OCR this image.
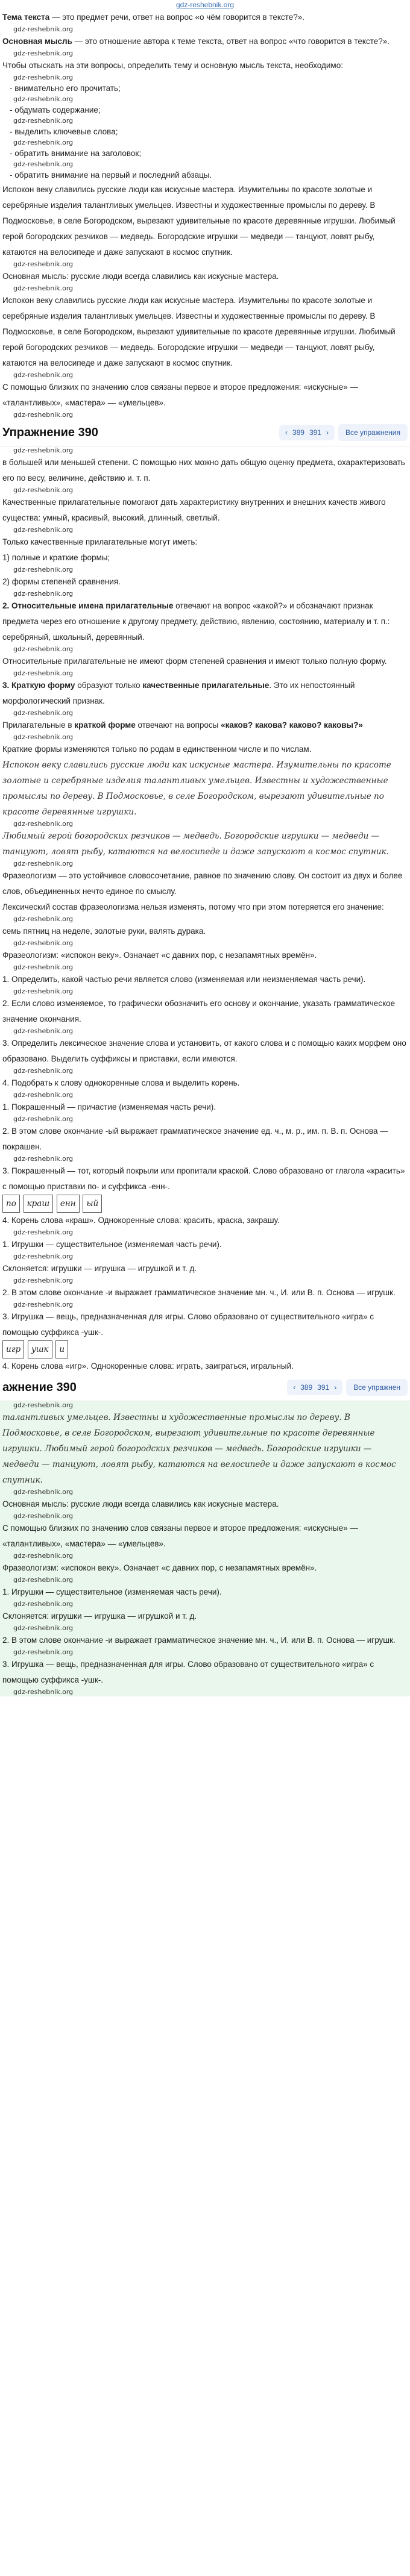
gdz-reshebnik.org

Тема текста — это предмет речи, ответ на вопрос «о чём говорится в тексте?».

gdz-reshebnik.org

Основная мысль — это отношение автора к теме текста, ответ на вопрос «что говорится в тексте?».

gdz-reshebnik.org

Чтобы отыскать на эти вопросы, определить тему и основную мысль текста, необходимо:

gdz-reshebnik.org
- внимательно его прочитать;
gdz-reshebnik.org
- обдумать содержание;
gdz-reshebnik.org
- выделить ключевые слова;
gdz-reshebnik.org
- обратить внимание на заголовок;
gdz-reshebnik.org
- обратить внимание на первый и последний абзацы.

Испокон веку славились русские люди как искусные мастера. Изумительны по красоте золотые и серебряные изделия талантливых умельцев. Известны и художественные промыслы по дереву. В Подмосковье, в селе Богородском, вырезают удивительные по красоте деревянные игрушки. Любимый герой богородских резчиков — медведь. Богородские игрушки — медведи — танцуют, ловят рыбу, катаются на велосипеде и даже запускают в космос спутник.

gdz-reshebnik.org

Основная мысль: русские люди всегда славились как искусные мастера.

gdz-reshebnik.org

Испокон веку славились русские люди как искусные мастера. Изумительны по красоте золотые и серебряные изделия талантливых умельцев. Известны и художественные промыслы по дереву. В Подмосковье, в селе Богородском, вырезают удивительные по красоте деревянные игрушки. Любимый герой богородских резчиков — медведь. Богородские игрушки — медведи — танцуют, ловят рыбу, катаются на велосипеде и даже запускают в космос спутник.

gdz-reshebnik.org

С помощью близких по значению слов связаны первое и второе предложения: «искусные» — «талантливых», «мастера» — «умельцев».

gdz-reshebnik.org
Упражнение 390	‹ 389 391 ›	Все упражнения
gdz-reshebnik.org

в большей или меньшей степени. С помощью них можно дать общую оценку предмета, охарактеризовать его по весу, величине, действию и. т. п.

gdz-reshebnik.org

Качественные прилагательные помогают дать характеристику внутренних и внешних качеств живого существа: умный, красивый, высокий, длинный, светлый.

gdz-reshebnik.org

Только качественные прилагательные могут иметь:

1) полные и краткие формы;

gdz-reshebnik.org

2) формы степеней сравнения.

gdz-reshebnik.org

2. Относительные имена прилагательные отвечают на вопрос «какой?» и обозначают признак предмета через его отношение к другому предмету, действию, явлению, состоянию, материалу и т. п.: серебряный, школьный, деревянный.

gdz-reshebnik.org

Относительные прилагательные не имеют форм степеней сравнения и имеют только полную форму.

gdz-reshebnik.org

3. Краткую форму образуют только качественные прилагательные. Это их непостоянный морфологический признак.

gdz-reshebnik.org

Прилагательные в краткой форме отвечают на вопросы «каков? какова? каково? каковы?»

gdz-reshebnik.org

Краткие формы изменяются только по родам в единственном числе и по числам.

Испокон веку славились русские люди как искусные мастера. Изумительны по красоте золотые и серебряные изделия талантливых умельцев. Известны и художественные промыслы по дереву. В Подмосковье, в селе Богородском, вырезают удивительные по красоте деревянные игрушки.

gdz-reshebnik.org

Любимый герой богородских резчиков — медведь. Богородские игрушки — медведи — танцуют, ловят рыбу, катаются на велосипеде и даже запускают в космос спутник.

gdz-reshebnik.org

Фразеологизм — это устойчивое словосочетание, равное по значению слову. Он состоит из двух и более слов, объединенных нечто единое по смыслу.

Лексический состав фразеологизма нельзя изменять, потому что при этом потеряется его значение:

gdz-reshebnik.org

семь пятниц на неделе, золотые руки, валять дурака.

gdz-reshebnik.org

Фразеологизм: «испокон веку». Означает «с давних пор, с незапамятных времён».

gdz-reshebnik.org

1. Определить, какой частью речи является слово (изменяемая или неизменяемая часть речи).

gdz-reshebnik.org

2. Если слово изменяемое, то графически обозначить его основу и окончание, указать грамматическое значение окончания.

gdz-reshebnik.org

3. Определить лексическое значение слова и установить, от какого слова и с помощью каких морфем оно образовано. Выделить суффиксы и приставки, если имеются.

gdz-reshebnik.org

4. Подобрать к слову однокоренные слова и выделить корень.

gdz-reshebnik.org

1. Покрашенный — причастие (изменяемая часть речи).

gdz-reshebnik.org

2. В этом слове окончание -ый выражает грамматическое значение ед. ч., м. р., им. п. В. п. Основа — покрашен.

gdz-reshebnik.org

3. Покрашенный — тот, который покрыли или пропитали краской. Слово образовано от глагола «красить» с помощью приставки по- и суффикса -енн-.

по краш енн ый

4. Корень слова «краш». Однокоренные слова: красить, краска, закрашу.

gdz-reshebnik.org

1. Игрушки — существительное (изменяемая часть речи).

gdz-reshebnik.org

Склоняется: игрушки — игрушка — игрушкой и т. д.

gdz-reshebnik.org

2. В этом слове окончание -и выражает грамматическое значение мн. ч., И. или В. п. Основа — игрушк.

gdz-reshebnik.org

3. Игрушка — вещь, предназначенная для игры. Слово образовано от существительного «игра» с помощью суффикса -ушк-.

игр ушк и

4. Корень слова «игр». Однокоренные слова: играть, заиграться, игральный.

ажнение 390	‹ 389 391 ›	Все упражнен
gdz-reshebnik.org

талантливых умельцев. Известны и художественные промыслы по дереву. В Подмосковье, в селе Богородском, вырезают удивительные по красоте деревянные игрушки. Любимый герой богородских резчиков — медведь. Богородские игрушки — медведи — танцуют, ловят рыбу, катаются на велосипеде и даже запускают в космос спутник.

gdz-reshebnik.org

Основная мысль: русские люди всегда славились как искусные мастера.

gdz-reshebnik.org

С помощью близких по значению слов связаны первое и второе предложения: «искусные» — «талантливых», «мастера» — «умельцев».

gdz-reshebnik.org

Фразеологизм: «испокон веку». Означает «с давних пор, с незапамятных времён».

gdz-reshebnik.org

1. Игрушки — существительное (изменяемая часть речи).

gdz-reshebnik.org

Склоняется: игрушки — игрушка — игрушкой и т. д.

gdz-reshebnik.org

2. В этом слове окончание -и выражает грамматическое значение мн. ч., И. или В. п. Основа — игрушк.

gdz-reshebnik.org

3. Игрушка — вещь, предназначенная для игры. Слово образовано от существительного «игра» с помощью суффикса -ушк-.

gdz-reshebnik.org
